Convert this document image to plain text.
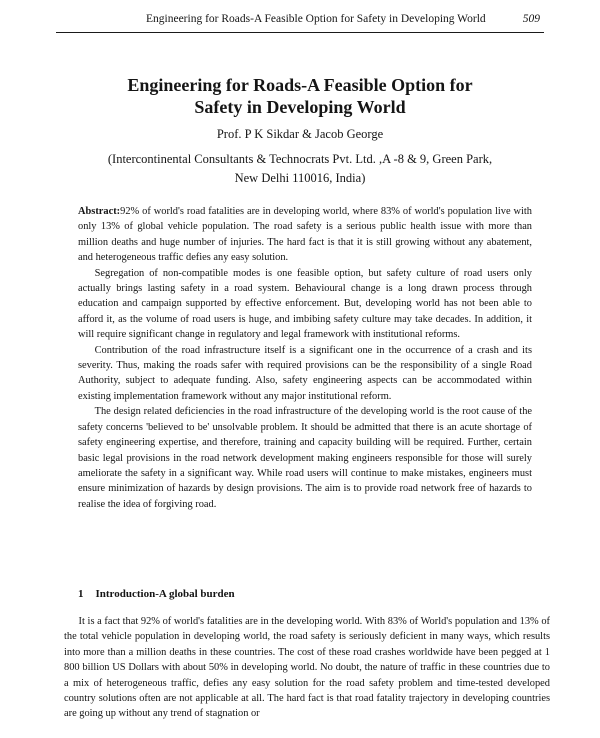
Engineering for Roads-A Feasible Option for Safety in Developing World	509
Engineering for Roads-A Feasible Option for
Safety in Developing World
Prof. P K Sikdar & Jacob George
(Intercontinental Consultants & Technocrats Pvt. Ltd. ,A -8 & 9, Green Park,
New Delhi 110016, India)

Abstract:92% of world's road fatalities are in developing world, where 83% of world's population live with only 13% of global vehicle population. The road safety is a serious public health issue with more than million deaths and huge number of injuries. The hard fact is that it is still growing without any abatement, and heterogeneous traffic defies any easy solution.

Segregation of non-compatible modes is one feasible option, but safety culture of road users only actually brings lasting safety in a road system. Behavioural change is a long drawn process through education and campaign supported by effective enforcement. But, developing world has not been able to afford it, as the volume of road users is huge, and imbibing safety culture may take decades. In addition, it will require significant change in regulatory and legal framework with institutional reforms.

Contribution of the road infrastructure itself is a significant one in the occurrence of a crash and its severity. Thus, making the roads safer with required provisions can be the responsibility of a single Road Authority, subject to adequate funding. Also, safety engineering aspects can be accommodated within existing implementation framework without any major institutional reform.

The design related deficiencies in the road infrastructure of the developing world is the root cause of the safety concerns 'believed to be' unsolvable problem. It should be admitted that there is an acute shortage of safety engineering expertise, and therefore, training and capacity building will be required. Further, certain basic legal provisions in the road network development making engineers responsible for those will surely ameliorate the safety in a significant way. While road users will continue to make mistakes, engineers must ensure minimization of hazards by design provisions. The aim is to provide road network free of hazards to realise the idea of forgiving road.

1 Introduction-A global burden

It is a fact that 92% of world's fatalities are in the developing world. With 83% of World's population and 13% of the total vehicle population in developing world, the road safety is seriously deficient in many ways, which results into more than a million deaths in these countries. The cost of these road crashes worldwide have been pegged at 1 800 billion US Dollars with about 50% in developing world. No doubt, the nature of traffic in these countries due to a mix of heterogeneous traffic, defies any easy solution for the road safety problem and time-tested developed country solutions often are not applicable at all. The hard fact is that road fatality trajectory in developing countries are going up without any trend of stagnation or
